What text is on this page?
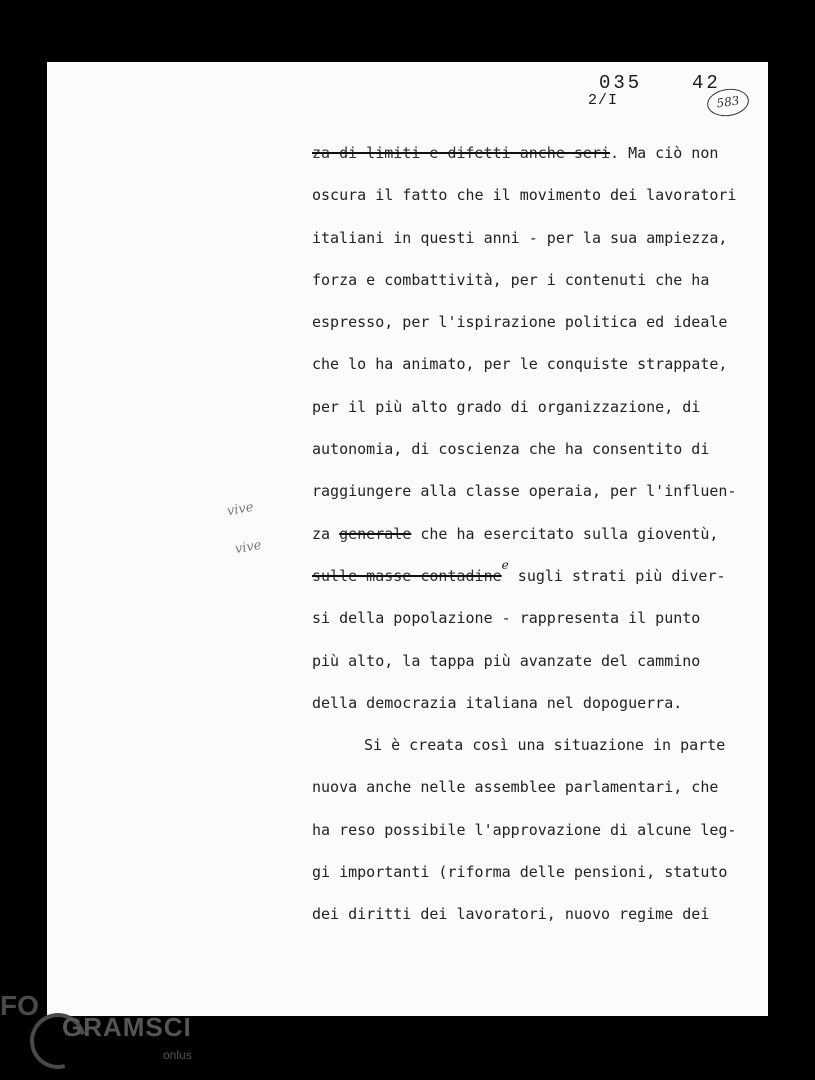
035	42
2/I	583
vive
vive
za di limiti e difetti anche seri. Ma ciò non
oscura il fatto che il movimento dei lavoratori
italiani in questi anni - per la sua ampiezza,
forza e combattività, per i contenuti che ha
espresso, per l'ispirazione politica ed ideale
che lo ha animato, per le conquiste strappate,
per il più alto grado di organizzazione, di
autonomia, di coscienza che ha consentito di
raggiungere alla classe operaia, per l'influen-
za generale che ha esercitato sulla gioventù,
sulle masse contadine$^e$ sugli strati più diver-
si della popolazione - rappresenta il punto
più alto, la tappa più avanzate del cammino
della democrazia italiana nel dopoguerra.
Si è creata così una situazione in parte
nuova anche nelle assemblee parlamentari, che
ha reso possibile l'approvazione di alcune leg-
gi importanti (riforma delle pensioni, statuto
dei diritti dei lavoratori, nuovo regime dei
FO
GRAMSCI
onlus
